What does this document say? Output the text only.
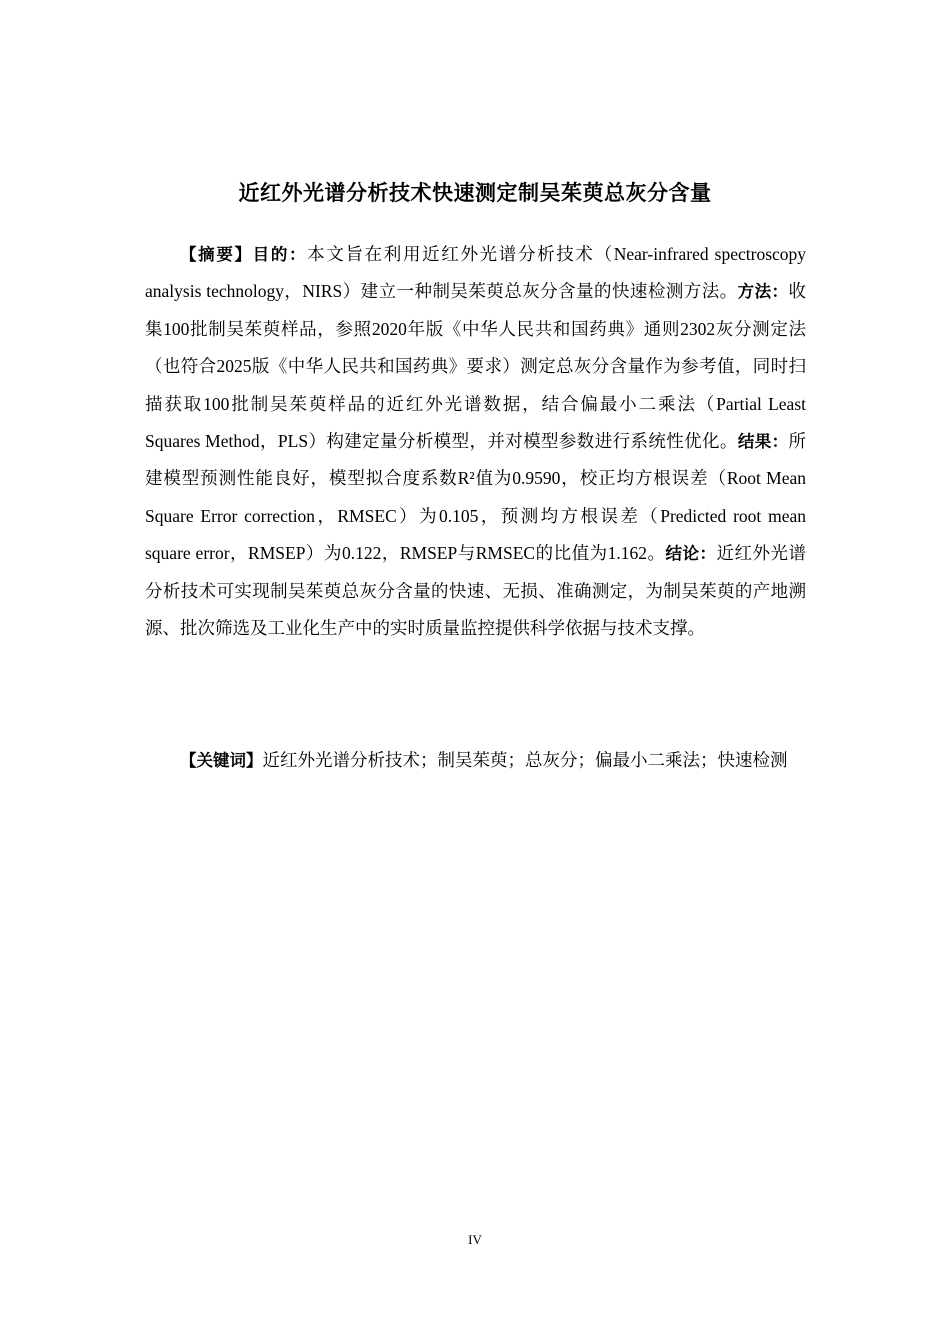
近红外光谱分析技术快速测定制吴茱萸总灰分含量

【摘要】目的：本文旨在利用近红外光谱分析技术（Near-infrared spectroscopy analysis technology，NIRS）建立一种制吴茱萸总灰分含量的快速检测方法。方法：收集100批制吴茱萸样品，参照2020年版《中华人民共和国药典》通则2302灰分测定法（也符合2025版《中华人民共和国药典》要求）测定总灰分含量作为参考值，同时扫描获取100批制吴茱萸样品的近红外光谱数据，结合偏最小二乘法（Partial Least Squares Method，PLS）构建定量分析模型，并对模型参数进行系统性优化。结果：所建模型预测性能良好，模型拟合度系数R²值为0.9590，校正均方根误差（Root Mean Square Error correction，RMSEC）为0.105，预测均方根误差（Predicted root mean square error，RMSEP）为0.122，RMSEP与RMSEC的比值为1.162。结论：近红外光谱分析技术可实现制吴茱萸总灰分含量的快速、无损、准确测定，为制吴茱萸的产地溯源、批次筛选及工业化生产中的实时质量监控提供科学依据与技术支撑。

【关键词】近红外光谱分析技术；制吴茱萸；总灰分；偏最小二乘法；快速检测

IV
